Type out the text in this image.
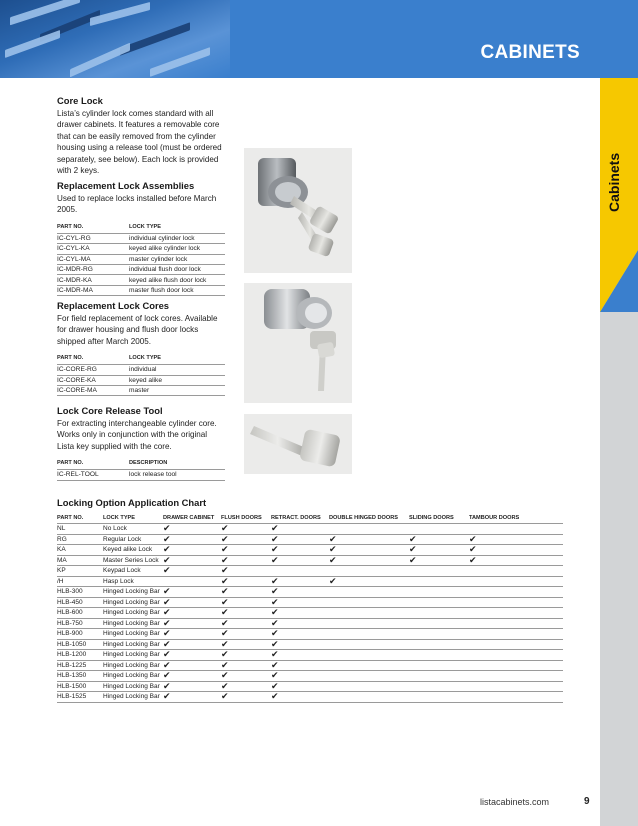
CABINETS
Cabinets
Core Lock
Lista’s cylinder lock comes standard with all drawer cabinets. It features a removable core that can be easily removed from the cylinder housing using a release tool (must be ordered separately, see below). Each lock is provided with 2 keys.
Replacement Lock Assemblies
Used to replace locks installed before March 2005.
PART NO.	LOCK TYPE
IC-CYL-RG	individual cylinder lock
IC-CYL-KA	keyed alike cylinder lock
IC-CYL-MA	master cylinder lock
IC-MDR-RG	individual flush door lock
IC-MDR-KA	keyed alike flush door lock
IC-MDR-MA	master flush door lock
Replacement Lock Cores
For field replacement of lock cores. Available for drawer housing and flush door locks shipped after March 2005.
PART NO.	LOCK TYPE
IC-CORE-RG	individual
IC-CORE-KA	keyed alike
IC-CORE-MA	master
Lock Core Release Tool
For extracting interchangeable cylinder core. Works only in conjunction with the original Lista key supplied with the core.
PART NO.	DESCRIPTION
IC-REL-TOOL	lock release tool
Locking Option Application Chart
PART NO.	LOCK TYPE	DRAWER CABINET	FLUSH DOORS	RETRACT. DOORS	DOUBLE HINGED DOORS	SLIDING DOORS	TAMBOUR DOORS
NL	No Lock	✔	✔	✔			
RG	Regular Lock	✔	✔	✔	✔	✔	✔
KA	Keyed alike Lock	✔	✔	✔	✔	✔	✔
MA	Master Series Lock	✔	✔	✔	✔	✔	✔
KP	Keypad Lock	✔	✔				
/H	Hasp Lock		✔	✔	✔		
HLB-300	Hinged Locking Bar	✔	✔	✔			
HLB-450	Hinged Locking Bar	✔	✔	✔			
HLB-600	Hinged Locking Bar	✔	✔	✔			
HLB-750	Hinged Locking Bar	✔	✔	✔			
HLB-900	Hinged Locking Bar	✔	✔	✔			
HLB-1050	Hinged Locking Bar	✔	✔	✔			
HLB-1200	Hinged Locking Bar	✔	✔	✔			
HLB-1225	Hinged Locking Bar	✔	✔	✔			
HLB-1350	Hinged Locking Bar	✔	✔	✔			
HLB-1500	Hinged Locking Bar	✔	✔	✔			
HLB-1525	Hinged Locking Bar	✔	✔	✔			
listacabinets.com	9
